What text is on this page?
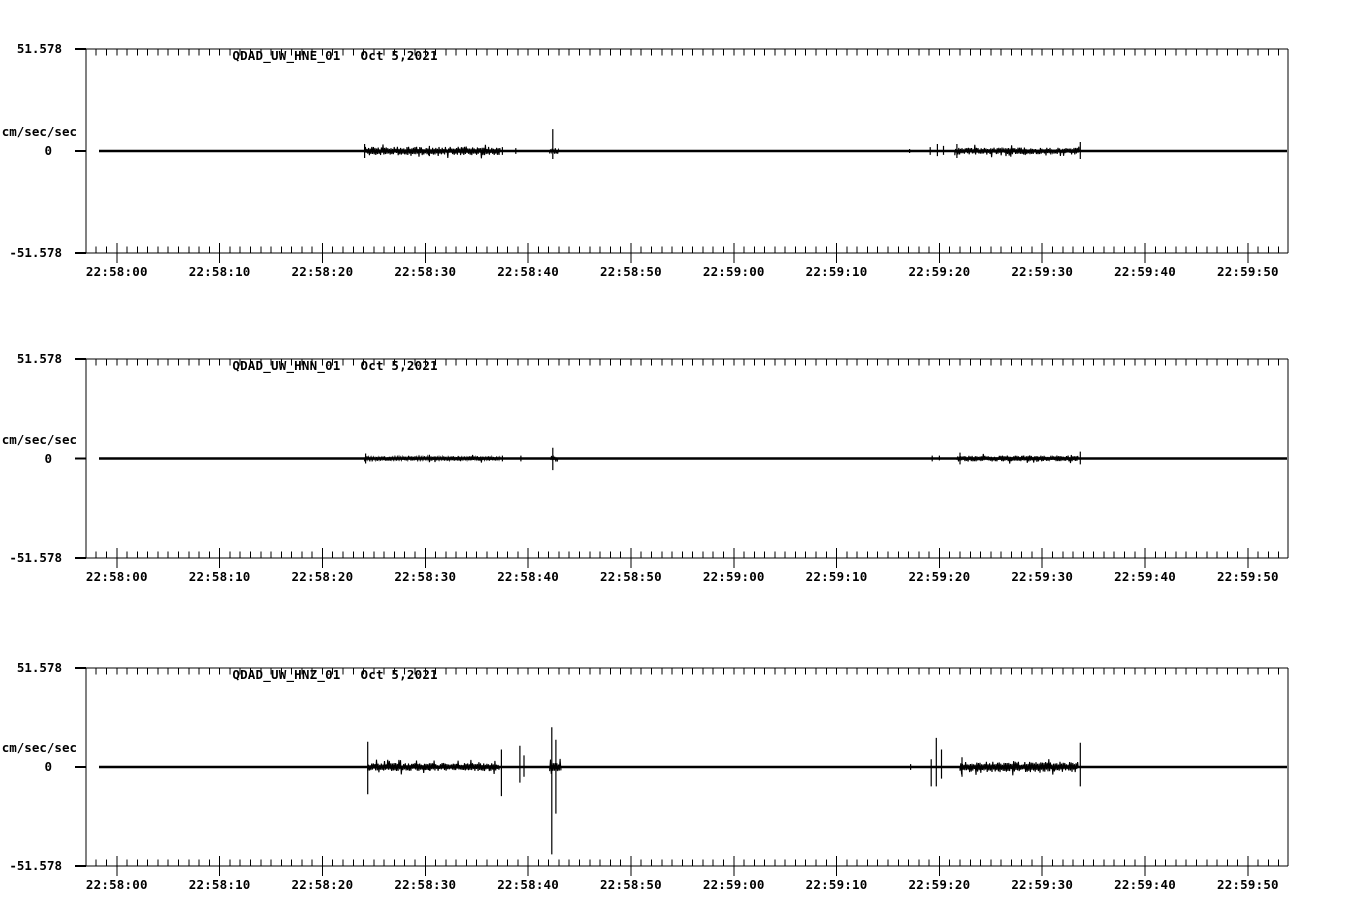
QDAD_UW_HNE_01 Oct 5,2021

51.578
cm/sec/sec
0
-51.578
22:58:00	22:58:10	22:58:20	22:58:30	22:58:40	22:58:50	22:59:00	22:59:10	22:59:20	22:59:30	22:59:40	22:59:50

QDAD_UW_HNN_01 Oct 5,2021

51.578
cm/sec/sec
0
-51.578
22:58:00	22:58:10	22:58:20	22:58:30	22:58:40	22:58:50	22:59:00	22:59:10	22:59:20	22:59:30	22:59:40	22:59:50

QDAD_UW_HNZ_01 Oct 5,2021

51.578
cm/sec/sec
0
-51.578
22:58:00	22:58:10	22:58:20	22:58:30	22:58:40	22:58:50	22:59:00	22:59:10	22:59:20	22:59:30	22:59:40	22:59:50
